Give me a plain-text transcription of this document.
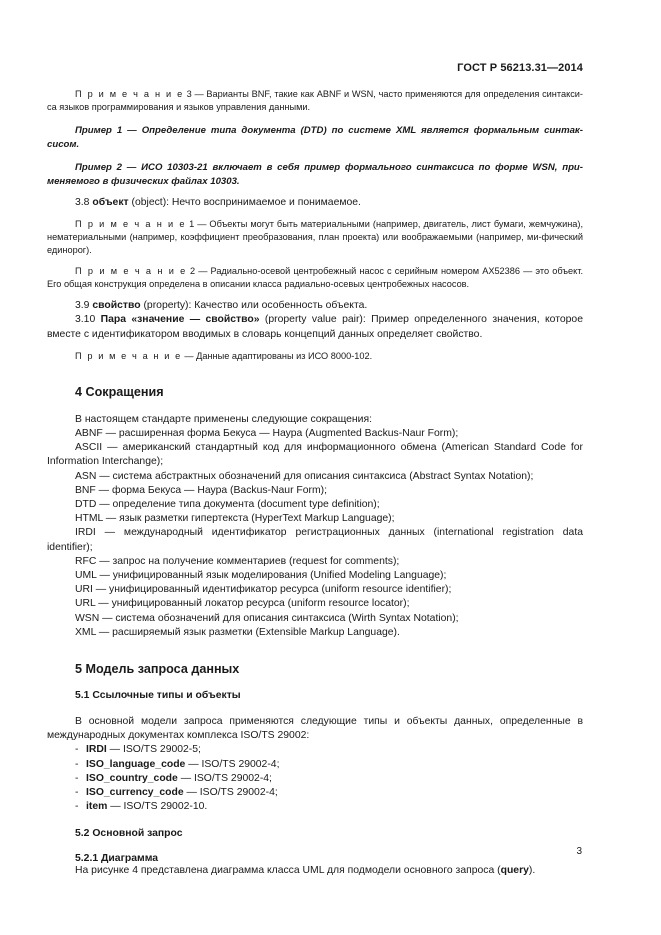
ГОСТ Р 56213.31—2014

П р и м е ч а н и е 3 — Варианты BNF, такие как ABNF и WSN, часто применяются для определения синтакси-са языков программирования и языков управления данными.

Пример 1 — Определение типа документа (DTD) по системе XML является формальным синтак-сисом.

Пример 2 — ИСО 10303-21 включает в себя пример формального синтаксиса по форме WSN, при-меняемого в физических файлах 10303.

3.8 объект (object): Нечто воспринимаемое и понимаемое.

П р и м е ч а н и е 1 — Объекты могут быть материальными (например, двигатель, лист бумаги, жемчужина), нематериальными (например, коэффициент преобразования, план проекта) или воображаемыми (например, ми-фический единорог).

П р и м е ч а н и е 2 — Радиально-осевой центробежный насос с серийным номером AX52386 — это объект. Его общая конструкция определена в описании класса радиально-осевых центробежных насосов.

3.9 свойство (property): Качество или особенность объекта.

3.10 Пара «значение — свойство» (property value pair): Пример определенного значения, которое вместе с идентификатором вводимых в словарь концепций данных определяет свойство.

П р и м е ч а н и е — Данные адаптированы из ИСО 8000-102.

4 Сокращения

В настоящем стандарте применены следующие сокращения:

ABNF — расширенная форма Бекуса — Наура (Augmented Backus-Naur Form);

ASCII — американский стандартный код для информационного обмена (American Standard Code for Information Interchange);

ASN — система абстрактных обозначений для описания синтаксиса (Abstract Syntax Notation);

BNF — форма Бекуса — Наура (Backus-Naur Form);

DTD — определение типа документа (document type definition);

HTML — язык разметки гипертекста (HyperText Markup Language);

IRDI — международный идентификатор регистрационных данных (international registration data identifier);

RFC — запрос на получение комментариев (request for comments);

UML — унифицированный язык моделирования (Unified Modeling Language);

URI — унифицированный идентификатор ресурса (uniform resource identifier);

URL — унифицированный локатор ресурса (uniform resource locator);

WSN — система обозначений для описания синтаксиса (Wirth Syntax Notation);

XML — расширяемый язык разметки (Extensible Markup Language).

5 Модель запроса данных
5.1 Ссылочные типы и объекты

В основной модели запроса применяются следующие типы и объекты данных, определенные в международных документах комплекса ISO/TS 29002:

- IRDI — ISO/TS 29002-5;
- ISO_language_code — ISO/TS 29002-4;
- ISO_country_code — ISO/TS 29002-4;
- ISO_currency_code — ISO/TS 29002-4;
- item — ISO/TS 29002-10.
5.2 Основной запрос
5.2.1 Диаграмма

На рисунке 4 представлена диаграмма класса UML для подмодели основного запроса (query).

3
